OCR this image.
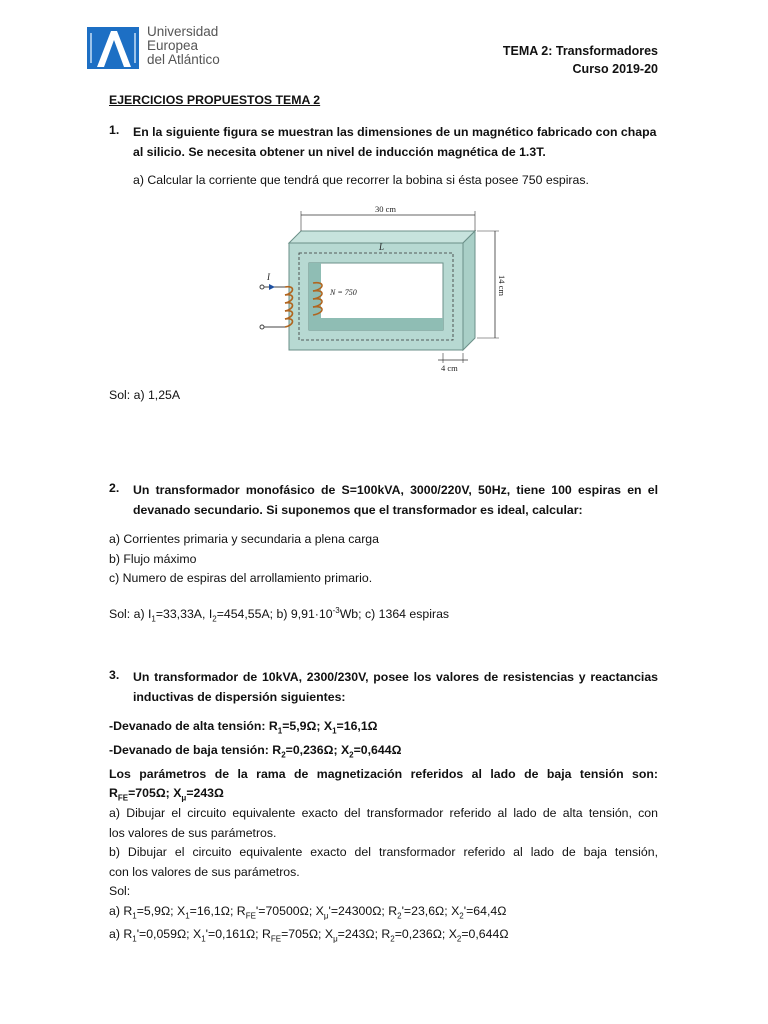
Universidad
Europea
del Atlántico
TEMA 2: Transformadores
Curso 2019-20
EJERCICIOS PROPUESTOS TEMA 2
1. En la siguiente figura se muestran las dimensiones de un magnético fabricado con chapa
al silicio. Se necesita obtener un nivel de inducción magnética de 1.3T.
a) Calcular la corriente que tendrá que recorrer la bobina si ésta posee 750 espiras.
L
I
N = 750
30 cm
14 cm
4 cm
Sol: a) 1,25A
2. Un transformador monofásico de S=100kVA, 3000/220V, 50Hz, tiene 100 espiras en el
devanado secundario. Si suponemos que el transformador es ideal, calcular:
a) Corrientes primaria y secundaria a plena carga
b) Flujo máximo
c) Numero de espiras del arrollamiento primario.
Sol: a) $I_1=33,33A$, $I_2=454,55A$; b) $9,91\cdot 10^{-3}Wb$; c) 1364 espiras
3. Un transformador de 10kVA, 2300/230V, posee los valores de resistencias y reactancias
inductivas de dispersión siguientes:
-Devanado de alta tensión: $R_1=5,9\Omega$; $X_1=16,1\Omega$
-Devanado de baja tensión: $R_2=0,236\Omega$; $X_2=0,644\Omega$
Los parámetros de la rama de magnetización referidos al lado de baja tensión son:
$R_{FE}=705\Omega$; $X_\mu=243\Omega$
a) Dibujar el circuito equivalente exacto del transformador referido al lado de alta tensión, con
los valores de sus parámetros.
b) Dibujar el circuito equivalente exacto del transformador referido al lado de baja tensión,
con los valores de sus parámetros.
Sol:
a) $R_1=5,9\Omega$; $X_1=16,1\Omega$; $R_{FE}'=70500\Omega$; $X_\mu'=24300\Omega$; $R_2'=23,6\Omega$; $X_2'=64,4\Omega$
a) $R_1'=0,059\Omega$; $X_1'=0,161\Omega$; $R_{FE}=705\Omega$; $X_\mu=243\Omega$; $R_2=0,236\Omega$; $X_2=0,644\Omega$
